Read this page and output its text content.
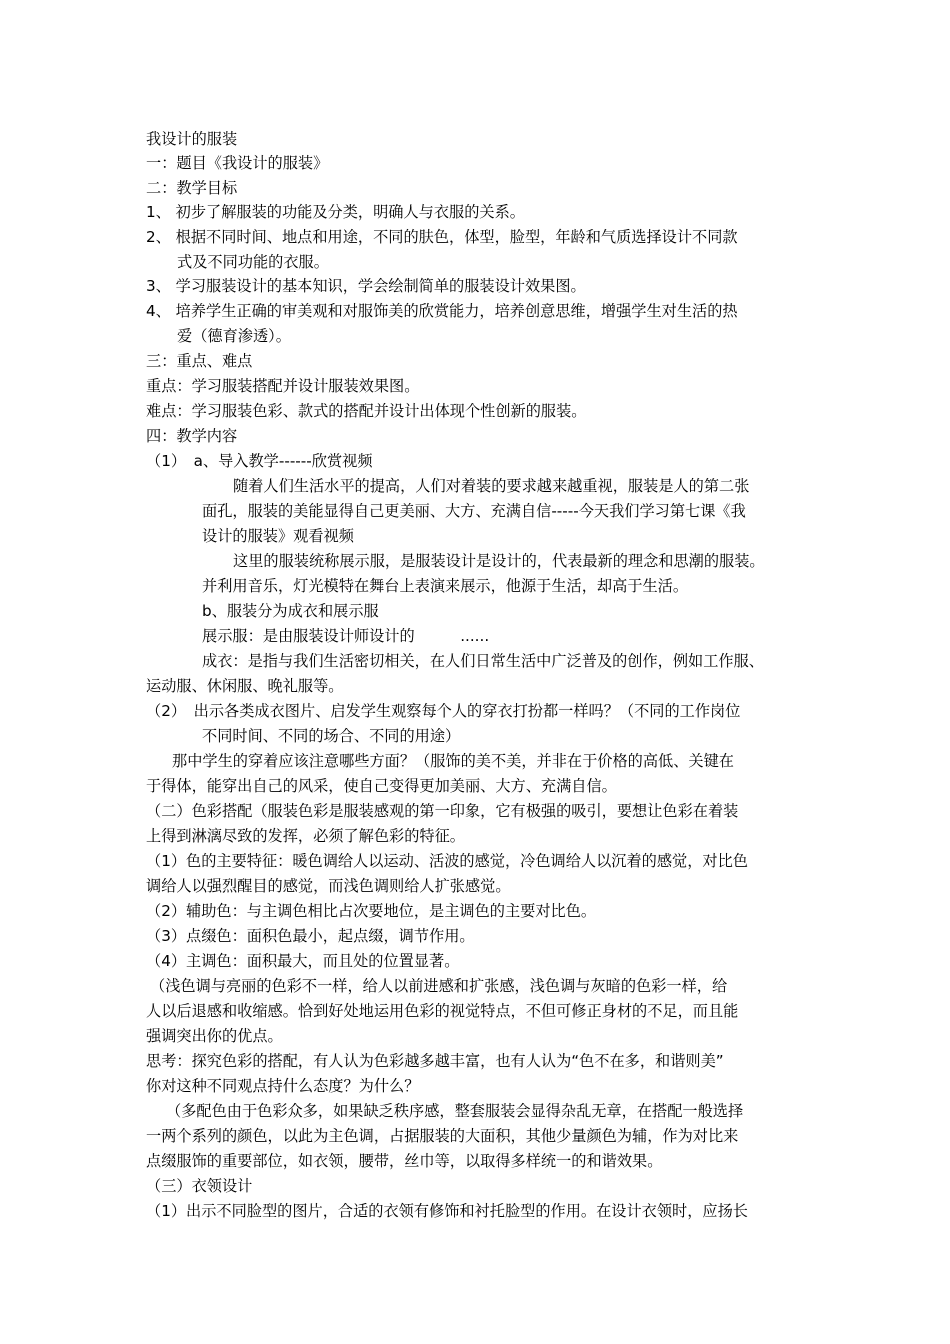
我设计的服装
一：题目《我设计的服装》
二：教学目标
1、 初步了解服装的功能及分类，明确人与衣服的关系。
2、 根据不同时间、地点和用途，不同的肤色，体型，脸型，年龄和气质选择设计不同款
式及不同功能的衣服。
3、 学习服装设计的基本知识，学会绘制简单的服装设计效果图。
4、 培养学生正确的审美观和对服饰美的欣赏能力，培养创意思维，增强学生对生活的热
爱（德育渗透）。
三：重点、难点
重点：学习服装搭配并设计服装效果图。
难点：学习服装色彩、款式的搭配并设计出体现个性创新的服装。
四：教学内容
（1）　a、导入教学------欣赏视频
随着人们生活水平的提高，人们对着装的要求越来越重视，服装是人的第二张
面孔，服装的美能显得自己更美丽、大方、充满自信-----今天我们学习第七课《我
设计的服装》观看视频
这里的服装统称展示服，是服装设计是设计的，代表最新的理念和思潮的服装。
并利用音乐，灯光模特在舞台上表演来展示，他源于生活，却高于生活。
b、服装分为成衣和展示服
展示服：是由服装设计师设计的　　　......
成衣：是指与我们生活密切相关，在人们日常生活中广泛普及的创作，例如工作服、
运动服、休闲服、晚礼服等。
（2）　出示各类成衣图片、启发学生观察每个人的穿衣打扮都一样吗？（不同的工作岗位
不同时间、不同的场合、不同的用途）
那中学生的穿着应该注意哪些方面？（服饰的美不美，并非在于价格的高低、关键在
于得体，能穿出自己的风采，使自己变得更加美丽、大方、充满自信。
（二）色彩搭配（服装色彩是服装感观的第一印象，它有极强的吸引，要想让色彩在着装
上得到淋漓尽致的发挥，必须了解色彩的特征。
（1）色的主要特征：暖色调给人以运动、活波的感觉，冷色调给人以沉着的感觉，对比色
调给人以强烈醒目的感觉，而浅色调则给人扩张感觉。
（2）辅助色：与主调色相比占次要地位，是主调色的主要对比色。
（3）点缀色：面积色最小，起点缀，调节作用。
（4）主调色：面积最大，而且处的位置显著。
（浅色调与亮丽的色彩不一样，给人以前进感和扩张感，浅色调与灰暗的色彩一样，给
人以后退感和收缩感。恰到好处地运用色彩的视觉特点，不但可修正身材的不足，而且能
强调突出你的优点。
思考：探究色彩的搭配，有人认为色彩越多越丰富，也有人认为“色不在多，和谐则美”
你对这种不同观点持什么态度？为什么？
（多配色由于色彩众多，如果缺乏秩序感，整套服装会显得杂乱无章，在搭配一般选择
一两个系列的颜色，以此为主色调，占据服装的大面积，其他少量颜色为辅，作为对比来
点缀服饰的重要部位，如衣领，腰带，丝巾等，以取得多样统一的和谐效果。
（三）衣领设计
（1）出示不同脸型的图片，合适的衣领有修饰和衬托脸型的作用。在设计衣领时，应扬长
